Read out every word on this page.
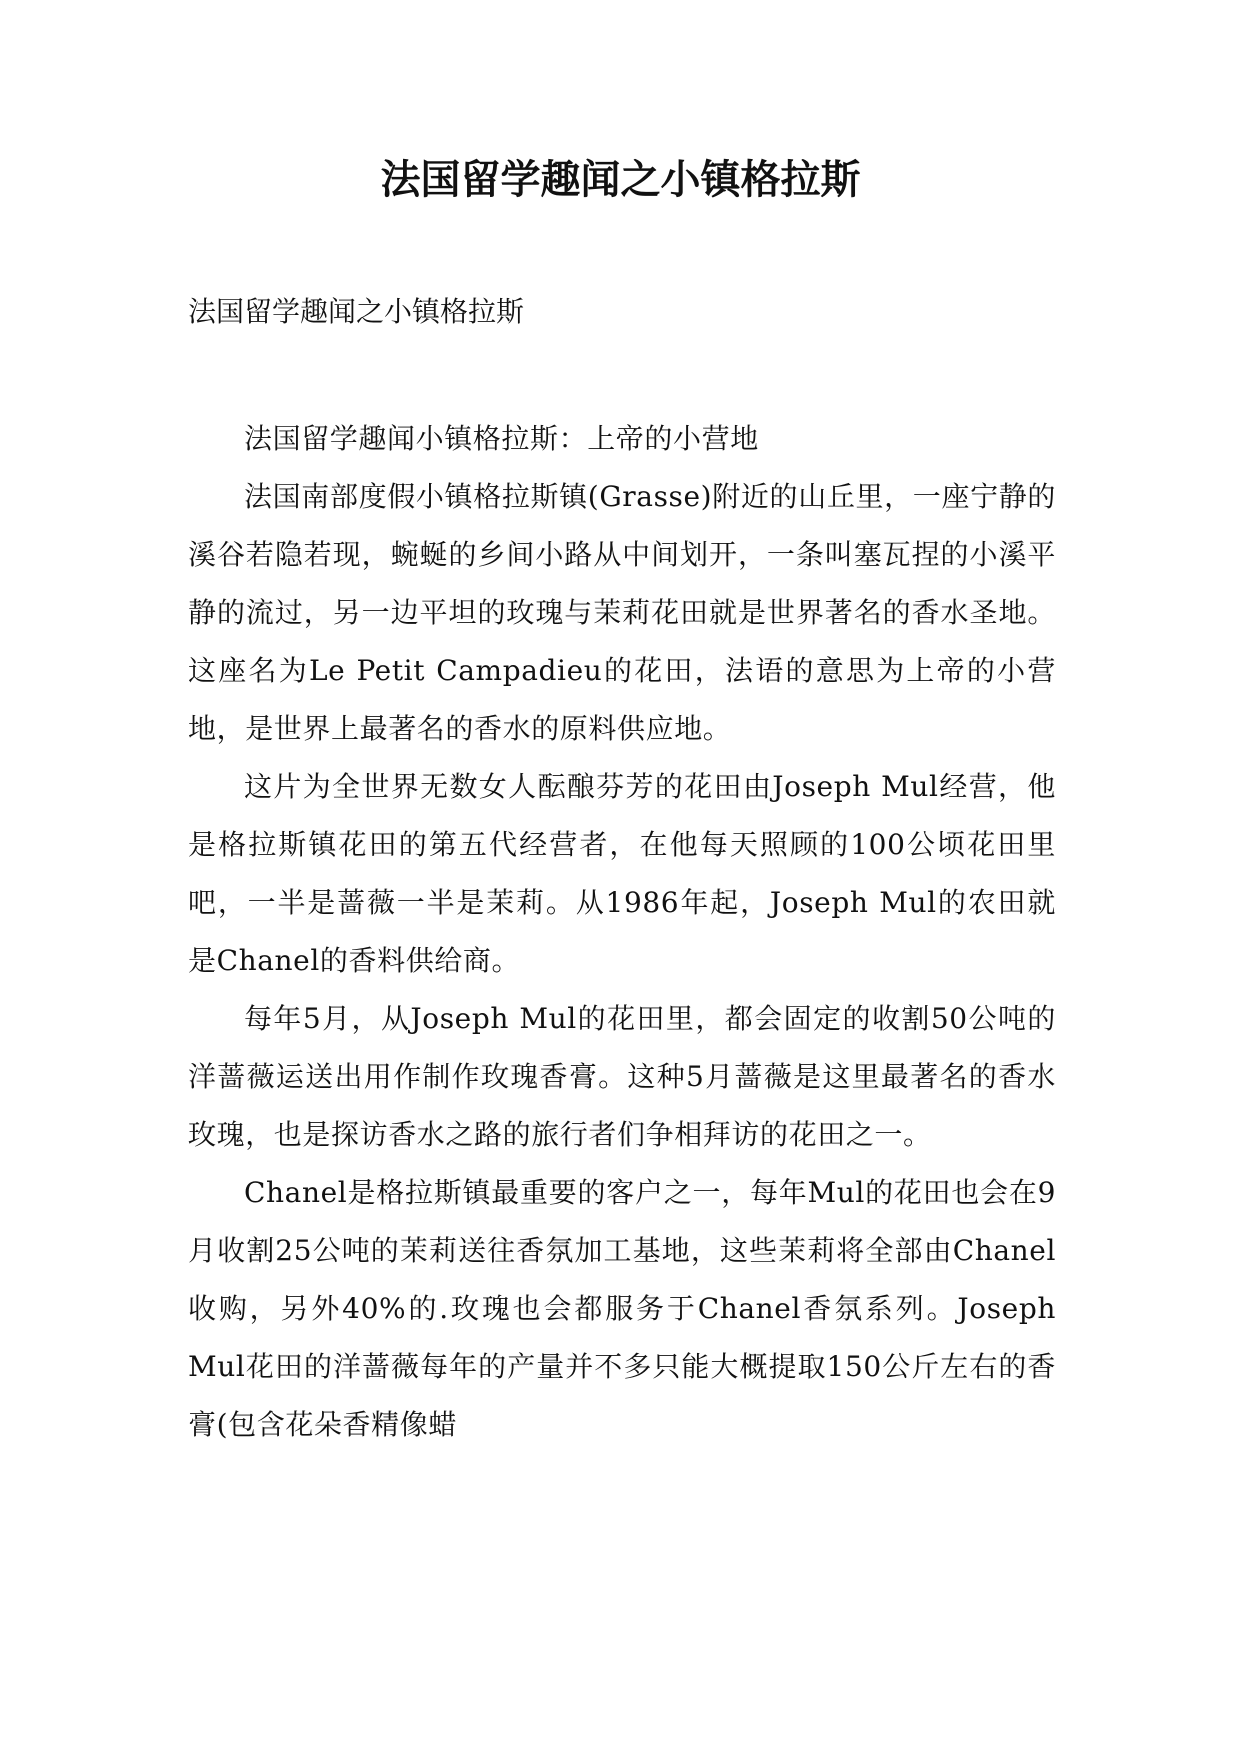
法国留学趣闻之小镇格拉斯
法国留学趣闻之小镇格拉斯

法国留学趣闻小镇格拉斯：上帝的小营地

法国南部度假小镇格拉斯镇(Grasse)附近的山丘里，一座宁静的溪谷若隐若现，蜿蜒的乡间小路从中间划开，一条叫塞瓦捏的小溪平静的流过，另一边平坦的玫瑰与茉莉花田就是世界著名的香水圣地。这座名为Le Petit Campadieu的花田，法语的意思为上帝的小营地，是世界上最著名的香水的原料供应地。

这片为全世界无数女人酝酿芬芳的花田由Joseph Mul经营，他是格拉斯镇花田的第五代经营者，在他每天照顾的100公顷花田里吧，一半是蔷薇一半是茉莉。从1986年起，Joseph Mul的农田就是Chanel的香料供给商。

每年5月，从Joseph Mul的花田里，都会固定的收割50公吨的洋蔷薇运送出用作制作玫瑰香膏。这种5月蔷薇是这里最著名的香水玫瑰，也是探访香水之路的旅行者们争相拜访的花田之一。

Chanel是格拉斯镇最重要的客户之一，每年Mul的花田也会在9月收割25公吨的茉莉送往香氛加工基地，这些茉莉将全部由Chanel收购，另外40%的.玫瑰也会都服务于Chanel香氛系列。Joseph Mul花田的洋蔷薇每年的产量并不多只能大概提取150公斤左右的香膏(包含花朵香精像蜡
